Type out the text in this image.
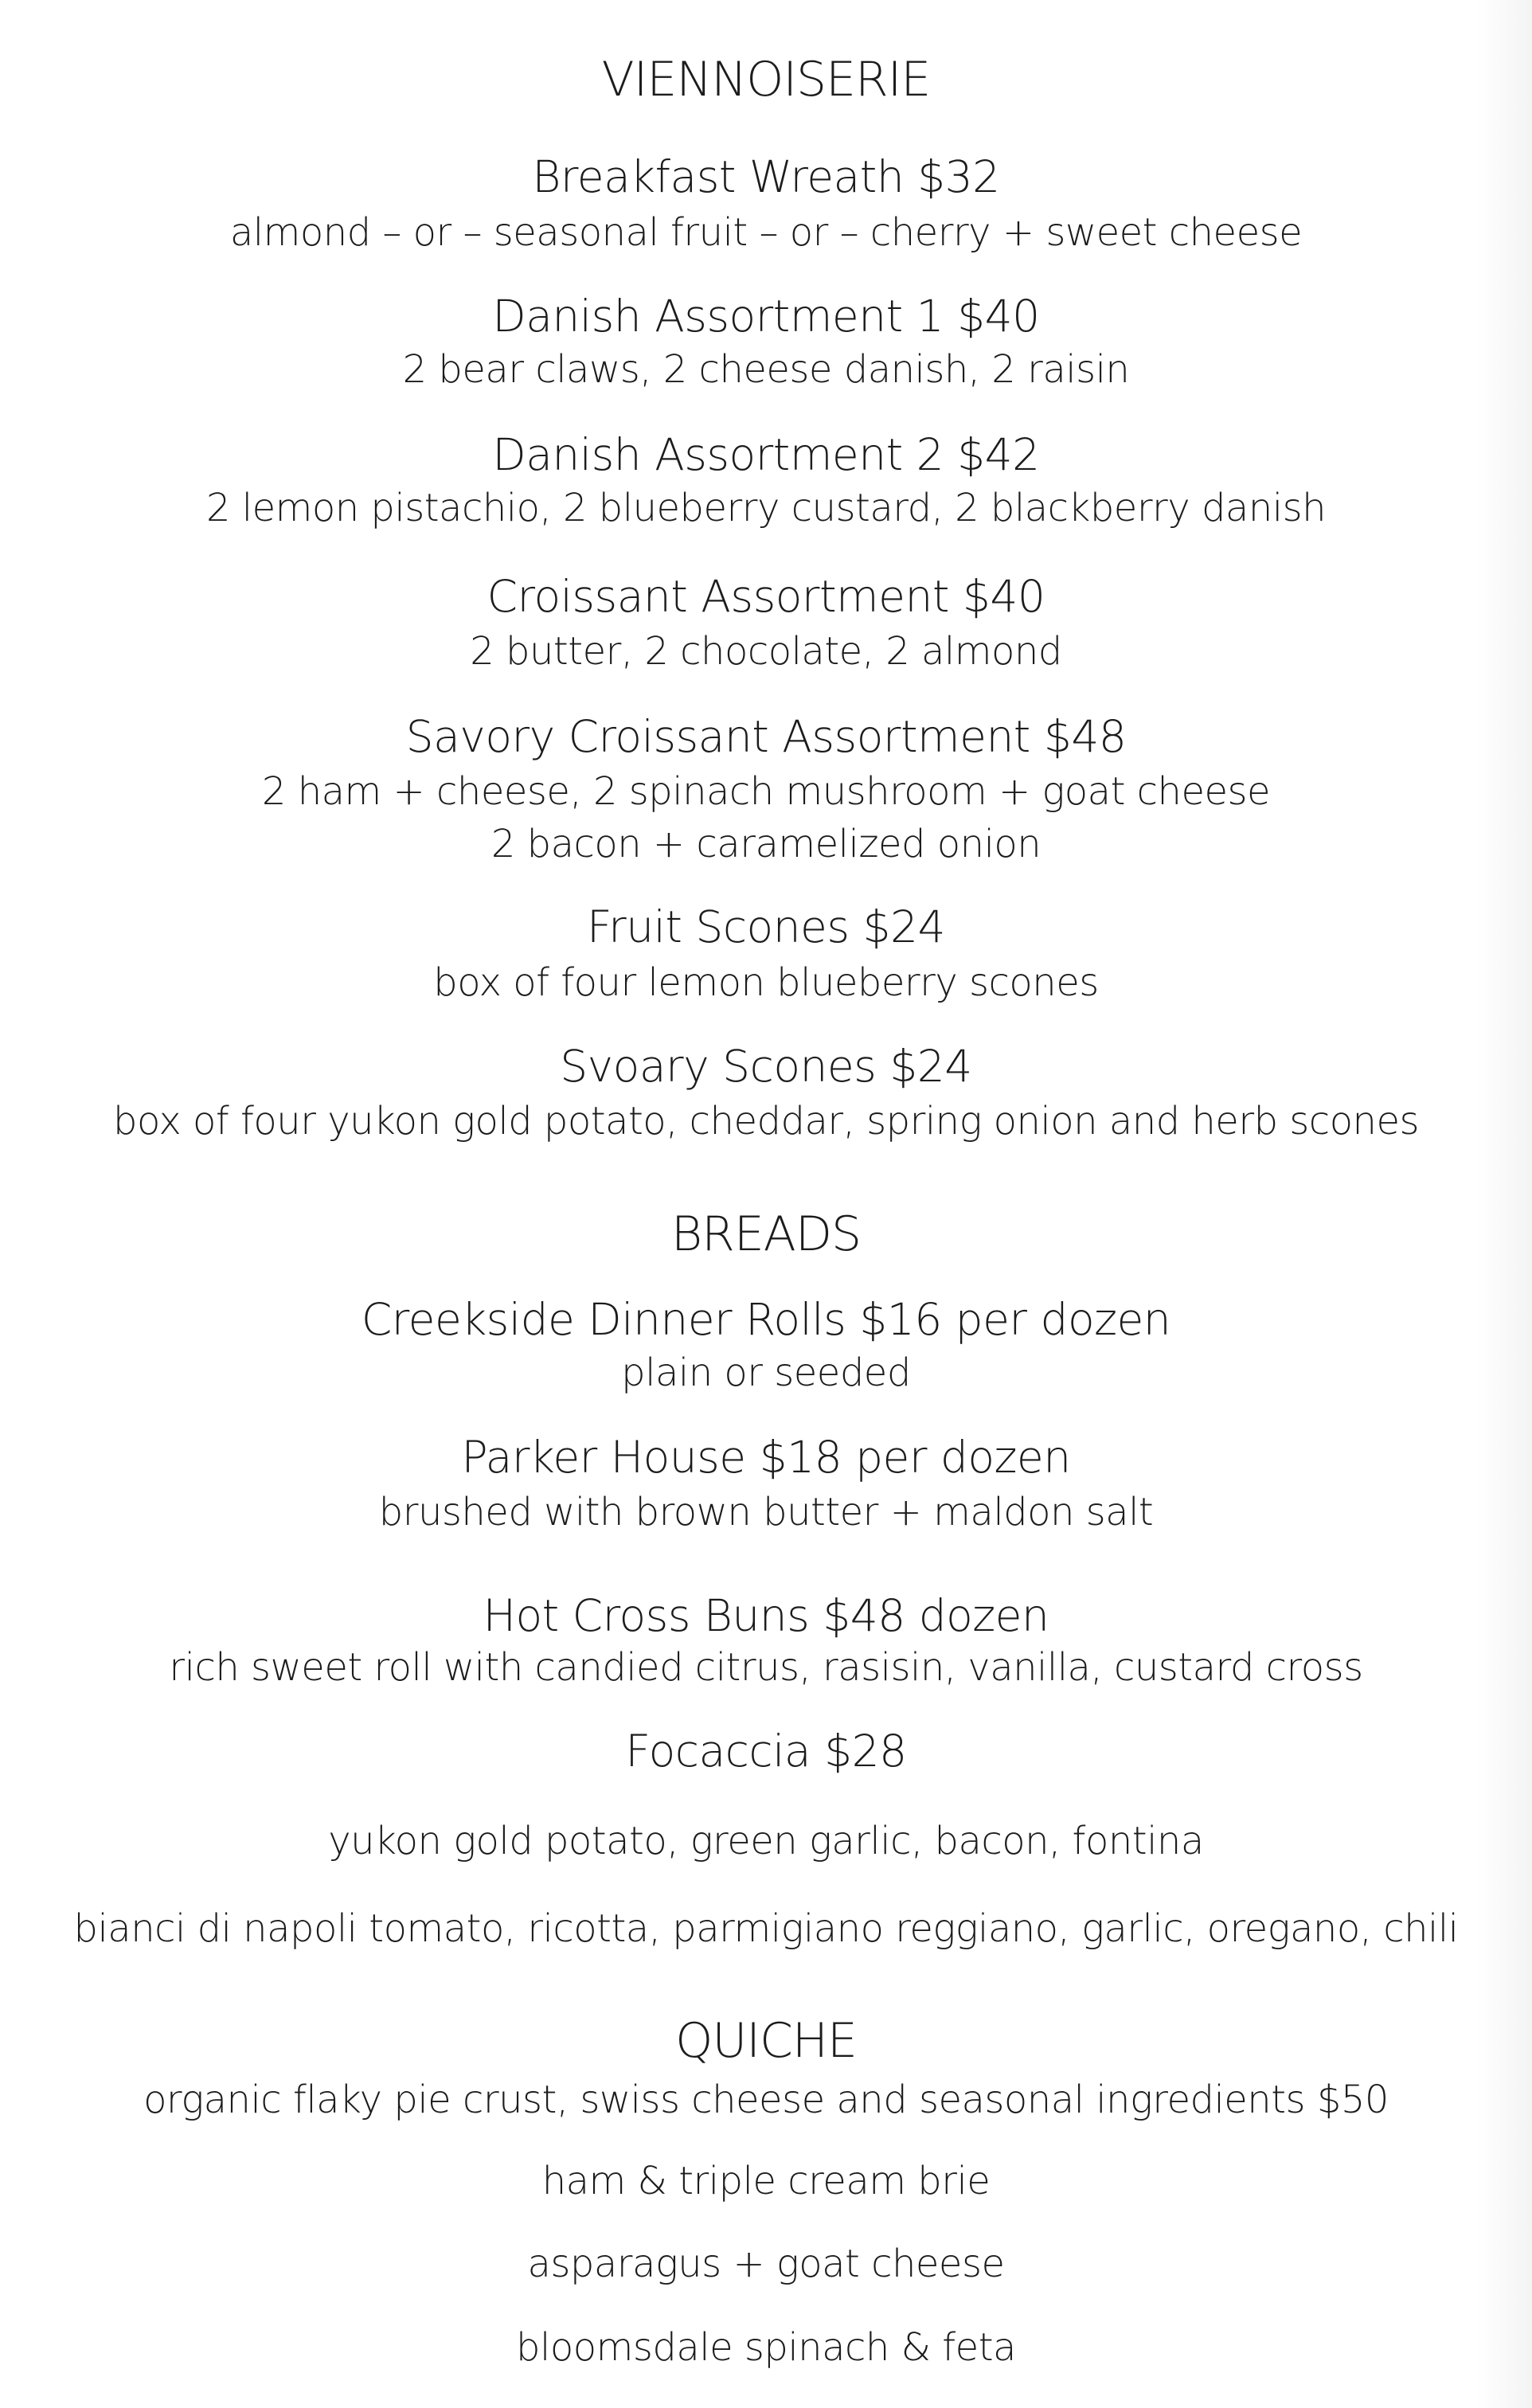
VIENNOISERIE
Breakfast Wreath $32
almond – or – seasonal fruit – or – cherry + sweet cheese
Danish Assortment 1 $40
2 bear claws, 2 cheese danish, 2 raisin
Danish Assortment 2 $42
2 lemon pistachio, 2 blueberry custard, 2 blackberry danish
Croissant Assortment $40
2 butter, 2 chocolate, 2 almond
Savory Croissant Assortment $48
2 ham + cheese, 2 spinach mushroom + goat cheese
2 bacon + caramelized onion
Fruit Scones $24
box of four lemon blueberry scones
Svoary Scones $24
box of four yukon gold potato, cheddar, spring onion and herb scones
BREADS
Creekside Dinner Rolls $16 per dozen
plain or seeded
Parker House $18 per dozen
brushed with brown butter + maldon salt
Hot Cross Buns $48 dozen
rich sweet roll with candied citrus, rasisin, vanilla, custard cross
Focaccia $28
yukon gold potato, green garlic, bacon, fontina
bianci di napoli tomato, ricotta, parmigiano reggiano, garlic, oregano, chili
QUICHE
organic flaky pie crust, swiss cheese and seasonal ingredients $50
ham & triple cream brie
asparagus + goat cheese
bloomsdale spinach & feta
